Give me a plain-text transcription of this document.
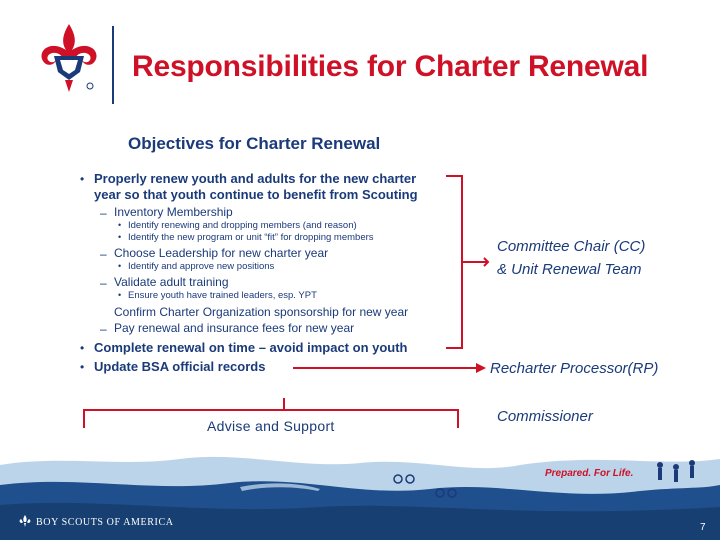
Responsibilities for Charter Renewal
Objectives for Charter Renewal
• Properly renew youth and adults for the new charter
year so that youth continue to benefit from Scouting
– Inventory Membership
• Identify renewing and dropping members (and reason)
• Identify the new program or unit “fit” for dropping members
– Choose Leadership for new charter year
• Identify and approve new positions
– Validate adult training
• Ensure youth have trained leaders, esp. YPT
Confirm Charter Organization sponsorship for new year
– Pay renewal and insurance fees for new year
• Complete renewal on time – avoid impact on youth
• Update BSA official records
Committee Chair (CC)
& Unit Renewal Team
Recharter Processor(RP)
Commissioner
Advise and Support
BOY SCOUTS OF AMERICA
Prepared. For Life.
7
